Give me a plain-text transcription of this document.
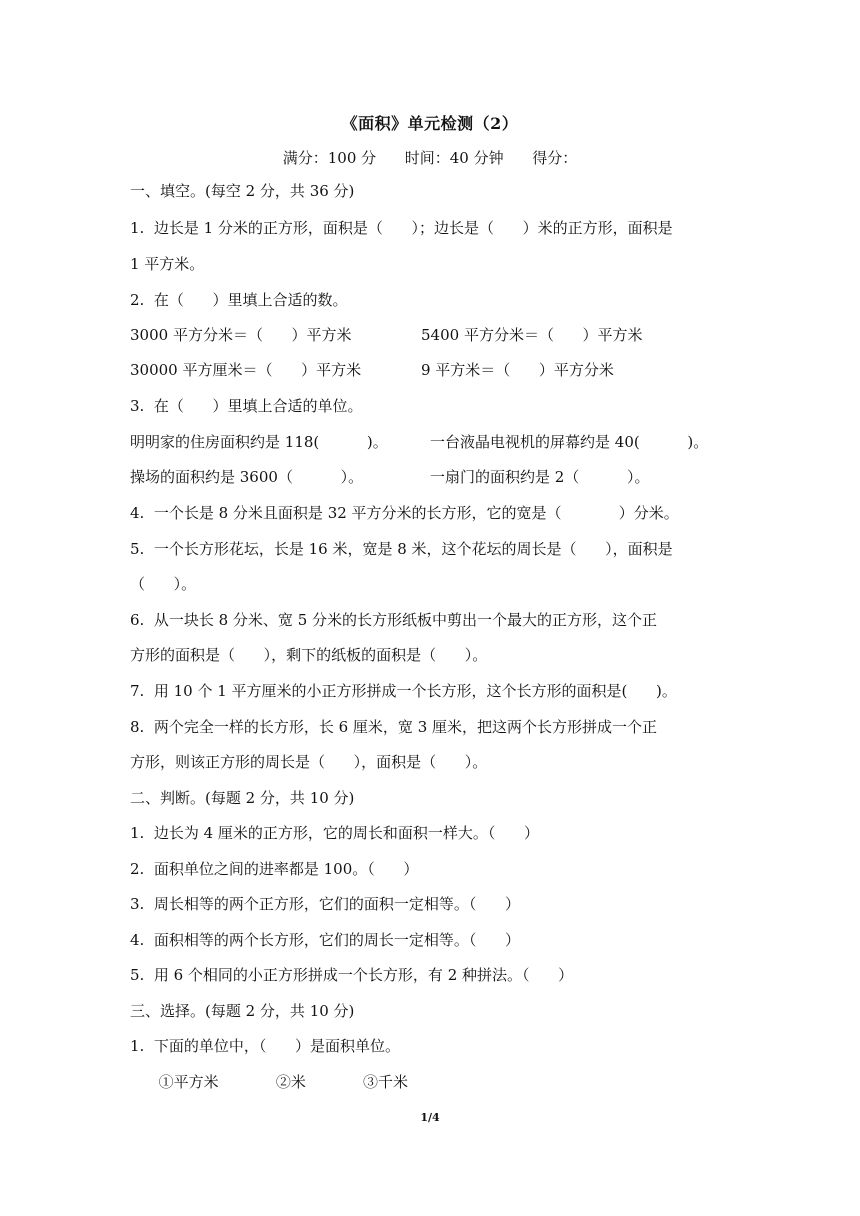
《面积》单元检测（2）
满分：100 分      时间：40 分钟      得分：
一、填空。(每空 2 分，共 36 分)
1.  边长是 1 分米的正方形，面积是（      ）；边长是（      ）米的正方形，面积是
1 平方米。
2.  在（      ）里填上合适的数。
3000 平方分米＝（      ）平方米	5400 平方分米＝（      ）平方米
30000 平方厘米＝（      ）平方米	9 平方米＝（      ）平方分米
3.  在（      ）里填上合适的单位。
明明家的住房面积约是 118(          )。	一台液晶电视机的屏幕约是 40(          )。
操场的面积约是 3600（          ）。	一扇门的面积约是 2（          ）。
4.  一个长是 8 分米且面积是 32 平方分米的长方形，它的宽是（            ）分米。
5.  一个长方形花坛，长是 16 米，宽是 8 米，这个花坛的周长是（      ），面积是
（      ）。
6.  从一块长 8 分米、宽 5 分米的长方形纸板中剪出一个最大的正方形，这个正
方形的面积是（      ），剩下的纸板的面积是（      ）。
7.  用 10 个 1 平方厘米的小正方形拼成一个长方形，这个长方形的面积是(      )。
8.  两个完全一样的长方形，长 6 厘米，宽 3 厘米，把这两个长方形拼成一个正
方形，则该正方形的周长是（      ），面积是（      ）。
二、判断。(每题 2 分，共 10 分)
1.  边长为 4 厘米的正方形，它的周长和面积一样大。（      ）
2.  面积单位之间的进率都是 100。（      ）
3.  周长相等的两个正方形，它们的面积一定相等。（      ）
4.  面积相等的两个长方形，它们的周长一定相等。（      ）
5.  用 6 个相同的小正方形拼成一个长方形，有 2 种拼法。（      ）
三、选择。(每题 2 分，共 10 分)
1.  下面的单位中，（      ）是面积单位。
①平方米            ②米            ③千米
1/4
